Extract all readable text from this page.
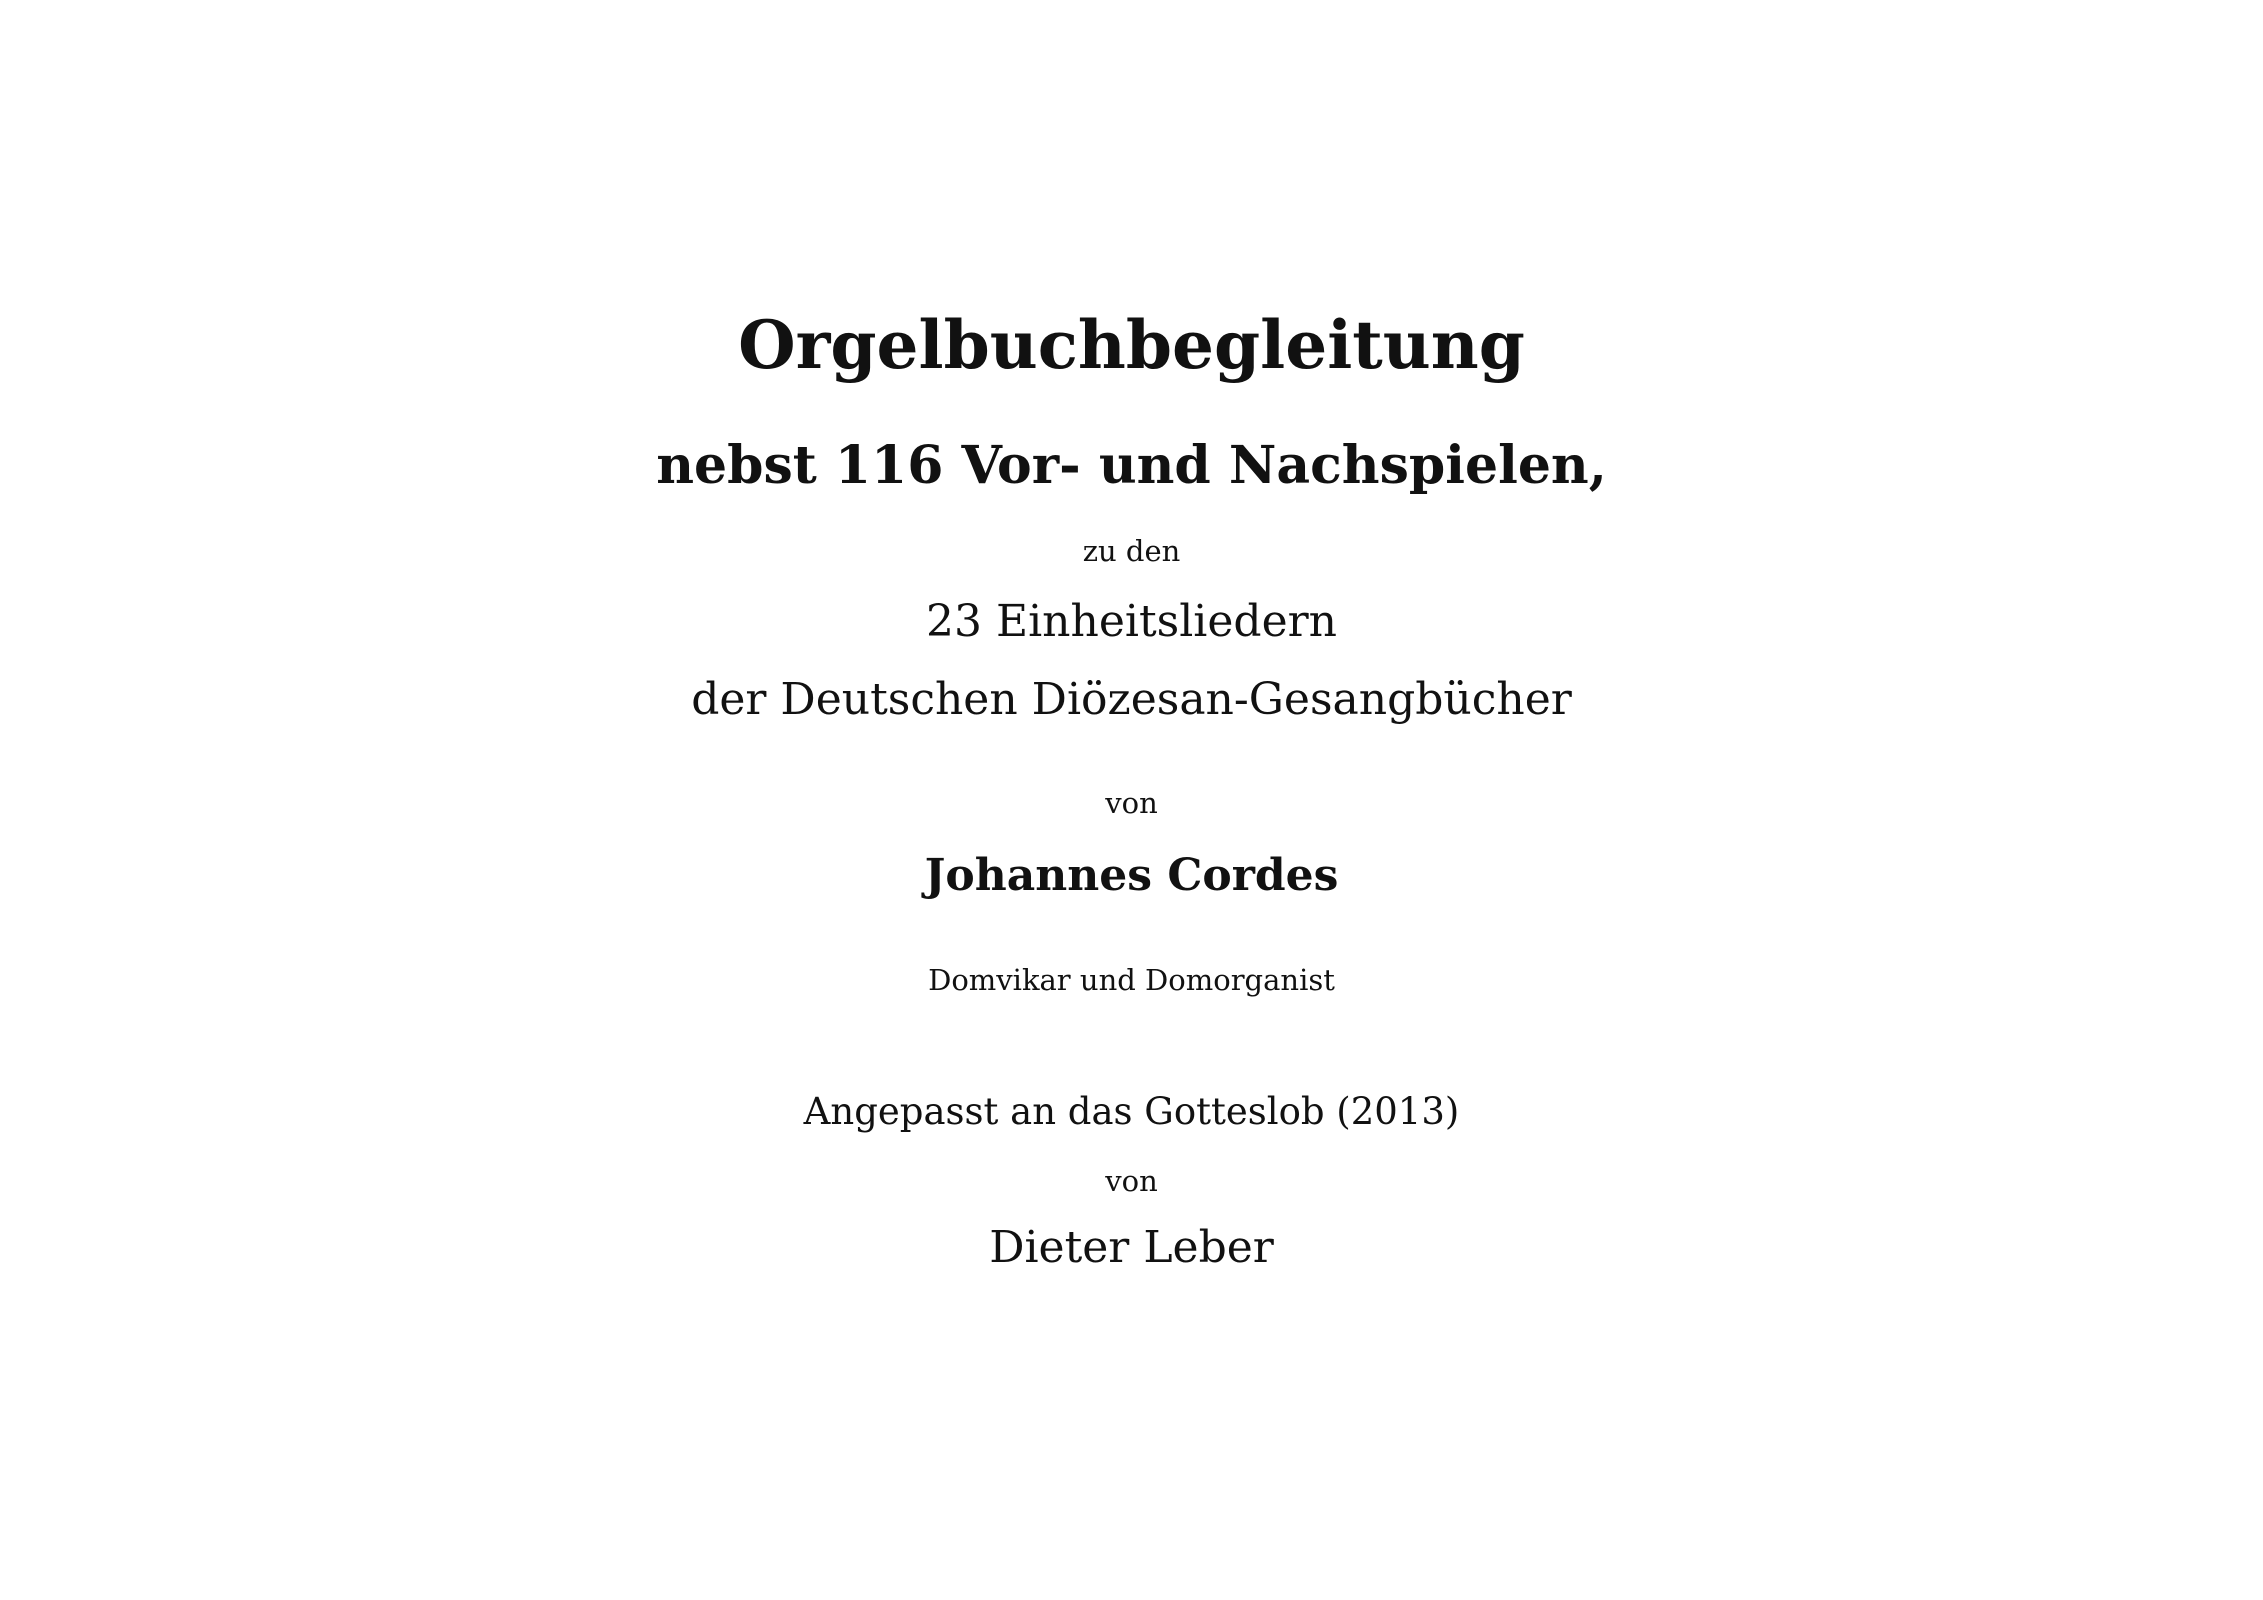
Orgelbuchbegleitung
nebst 116 Vor- und Nachspielen,
zu den
23 Einheitsliedern
der Deutschen Diözesan-Gesangbücher
von
Johannes Cordes
Domvikar und Domorganist
Angepasst an das Gotteslob (2013)
von
Dieter Leber
